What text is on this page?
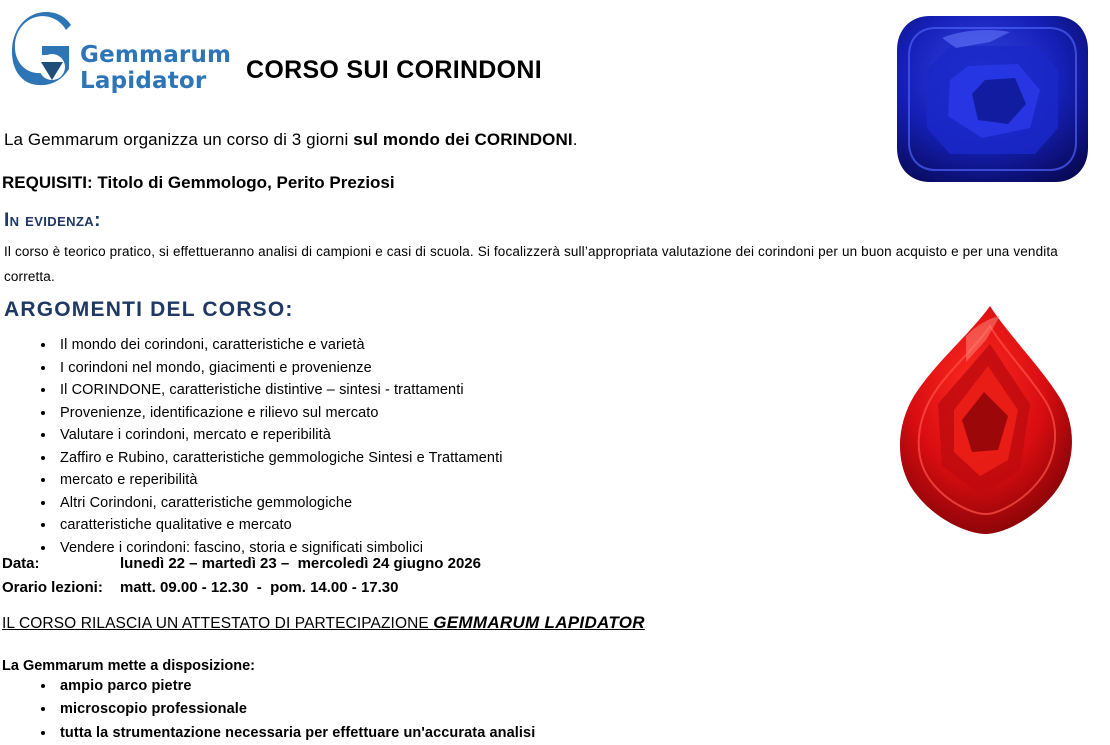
Gemmarum
Lapidator	CORSO SUI CORINDONI
La Gemmarum organizza un corso di 3 giorni sul mondo dei CORINDONI.
REQUISITI: Titolo di Gemmologo, Perito Preziosi
In evidenza:
Il corso è teorico pratico, si effettueranno analisi di campioni e casi di scuola. Si focalizzerà sull’appropriata valutazione dei corindoni per un buon acquisto e per una vendita corretta.
ARGOMENTI DEL CORSO:
• Il mondo dei corindoni, caratteristiche e varietà
• I corindoni nel mondo, giacimenti e provenienze
• Il CORINDONE, caratteristiche distintive – sintesi - trattamenti
• Provenienze, identificazione e rilievo sul mercato
• Valutare i corindoni, mercato e reperibilità
• Zaffiro e Rubino, caratteristiche gemmologiche Sintesi e Trattamenti
• mercato e reperibilità
• Altri Corindoni, caratteristiche gemmologiche
• caratteristiche qualitative e mercato
• Vendere i corindoni: fascino, storia e significati simbolici
Data:	lunedì 22 – martedì 23 –  mercoledì 24 giugno 2026
Orario lezioni: matt. 09.00 - 12.30  -  pom. 14.00 - 17.30
IL CORSO RILASCIA UN ATTESTATO DI PARTECIPAZIONE GEMMARUM LAPIDATOR
La Gemmarum mette a disposizione:
• ampio parco pietre
• microscopio professionale
• tutta la strumentazione necessaria per effettuare un'accurata analisi
